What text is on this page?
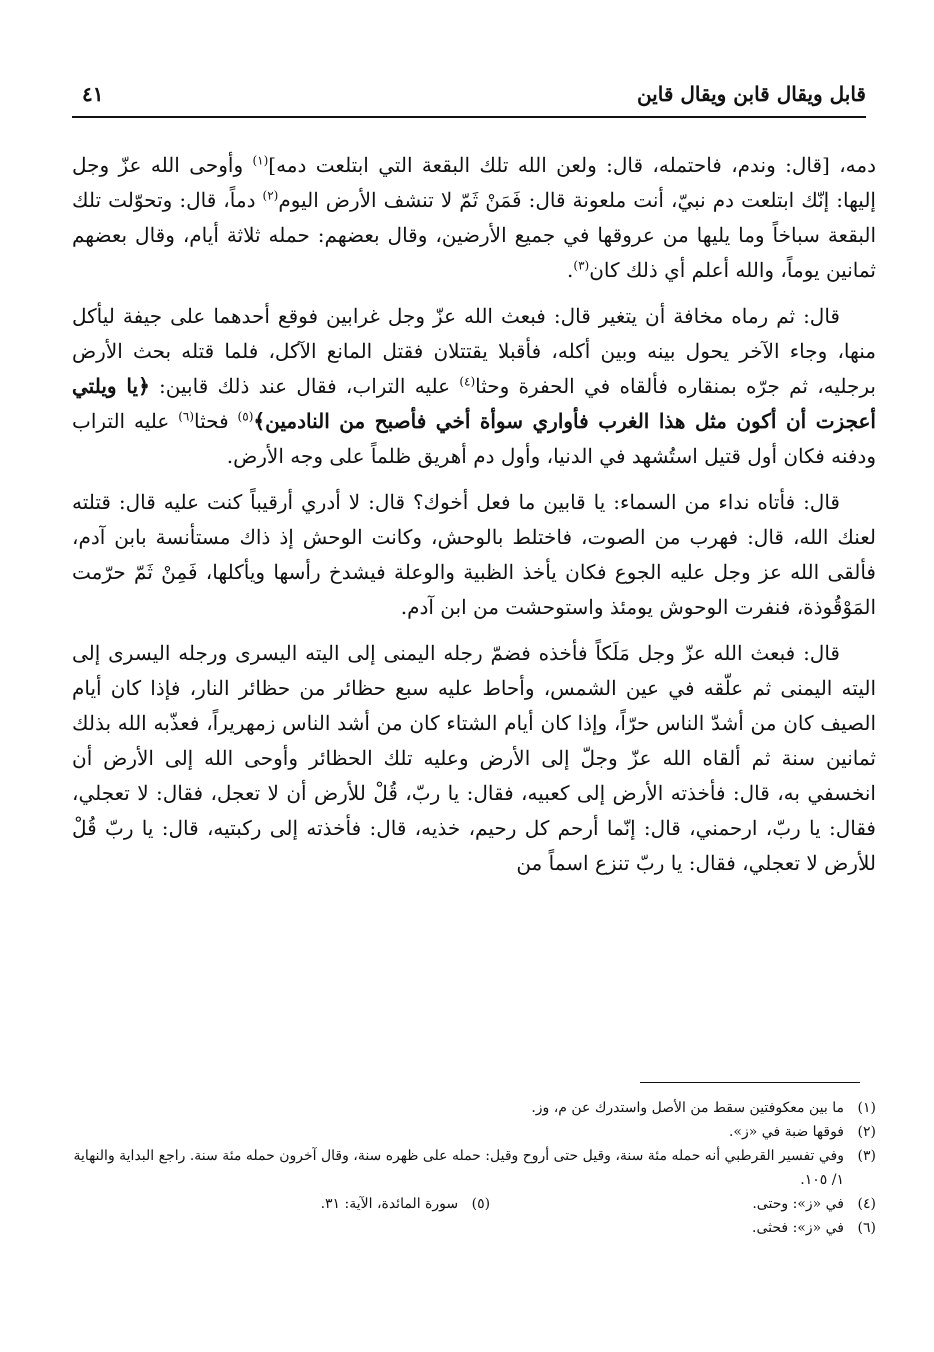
قابل ويقال قابن ويقال قاين
٤١

دمه، [قال: وندم، فاحتمله، قال: ولعن الله تلك البقعة التي ابتلعت دمه]$^{(١)}$ وأوحى الله عزّ وجل إليها: إنّك ابتلعت دم نبيّ، أنت ملعونة قال: فَمَنْ ثَمّ لا تنشف الأرض اليوم$^{(٢)}$ دماً، قال: وتحوّلت تلك البقعة سباخاً وما يليها من عروقها في جميع الأرضين، وقال بعضهم: حمله ثلاثة أيام، وقال بعضهم ثمانين يوماً، والله أعلم أي ذلك كان$^{(٣)}$.

قال: ثم رماه مخافة أن يتغير قال: فبعث الله عزّ وجل غرابين فوقع أحدهما على جيفة ليأكل منها، وجاء الآخر يحول بينه وبين أكله، فأقبلا يقتتلان فقتل المانع الآكل، فلما قتله بحث الأرض برجليه، ثم جرّه بمنقاره فألقاه في الحفرة وحثا$^{(٤)}$ عليه التراب، فقال عند ذلك قابين: ﴿يا ويلتي أعجزت أن أكون مثل هذا الغرب فأواري سوأة أخي فأصبح من النادمين﴾$^{(٥)}$ فحثا$^{(٦)}$ عليه التراب ودفنه فكان أول قتيل استُشهد في الدنيا، وأول دم أهريق ظلماً على وجه الأرض.

قال: فأتاه نداء من السماء: يا قابين ما فعل أخوك؟ قال: لا أدري أرقيباً كنت عليه قال: قتلته لعنك الله، قال: فهرب من الصوت، فاختلط بالوحش، وكانت الوحش إذ ذاك مستأنسة بابن آدم، فألقى الله عز وجل عليه الجوع فكان يأخذ الظبية والوعلة فيشدخ رأسها ويأكلها، فَمِنْ ثَمّ حرّمت المَوْقُوذة، فنفرت الوحوش يومئذ واستوحشت من ابن آدم.

قال: فبعث الله عزّ وجل مَلَكاً فأخذه فضمّ رجله اليمنى إلى اليته اليسرى ورجله اليسرى إلى اليته اليمنى ثم علّقه في عين الشمس، وأحاط عليه سبع حظائر من حظائر النار، فإذا كان أيام الصيف كان من أشدّ الناس حرّاً، وإذا كان أيام الشتاء كان من أشد الناس زمهريراً، فعذّبه الله بذلك ثمانين سنة ثم ألقاه الله عزّ وجلّ إلى الأرض وعليه تلك الحظائر وأوحى الله إلى الأرض أن انخسفي به، قال: فأخذته الأرض إلى كعبيه، فقال: يا ربّ، قُلْ للأرض أن لا تعجل، فقال: لا تعجلي، فقال: يا ربّ، ارحمني، قال: إنّما أرحم كل رحيم، خذيه، قال: فأخذته إلى ركبتيه، قال: يا ربّ قُلْ للأرض لا تعجلي، فقال: يا ربّ تنزع اسماً من

(١)
ما بين معكوفتين سقط من الأصل واستدرك عن م، وز.
(٢)
فوقها ضبة في «ز».
(٣)
وفي تفسير القرطبي أنه حمله مئة سنة، وقيل حتى أروح وقيل: حمله على ظهره سنة، وقال آخرون حمله مئة سنة. راجع البداية والنهاية ١/ ١٠٥.
(٤)
في «ز»: وحتى.
(٥)
سورة المائدة، الآية: ٣١.
(٦)
في «ز»: فحثى.
